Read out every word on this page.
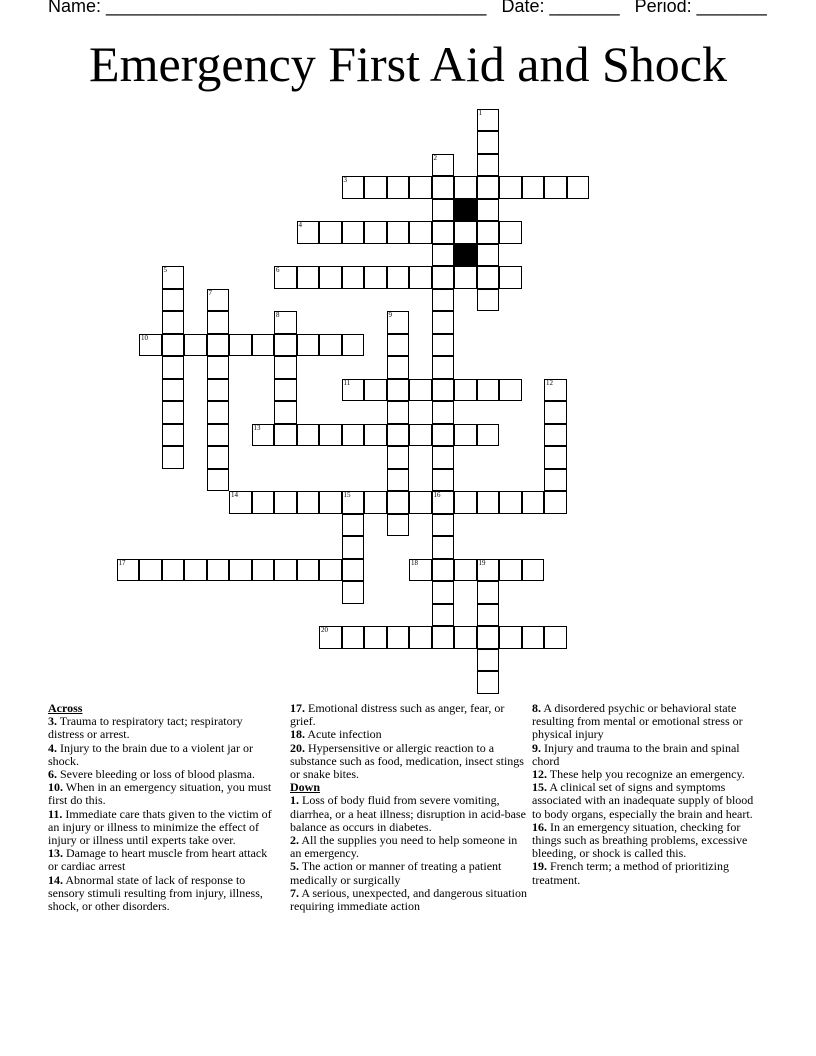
Name: ______________________________________ Date: _______ Period: _______
Emergency First Aid and Shock
1
2
16
3
4
5	6
7
8	9
10
11	12
13
14	15
17	18	19
20
Across
3. Trauma to respiratory tact; respiratory distress or arrest.
4. Injury to the brain due to a violent jar or shock.
6. Severe bleeding or loss of blood plasma.
10. When in an emergency situation, you must first do this.
11. Immediate care thats given to the victim of an injury or illness to minimize the effect of injury or illness until experts take over.
13. Damage to heart muscle from heart attack or cardiac arrest
14. Abnormal state of lack of response to sensory stimuli resulting from injury, illness, shock, or other disorders.
17. Emotional distress such as anger, fear, or grief.
18. Acute infection
20. Hypersensitive or allergic reaction to a substance such as food, medication, insect stings or snake bites.
Down
1. Loss of body fluid from severe vomiting, diarrhea, or a heat illness; disruption in acid-base balance as occurs in diabetes.
2. All the supplies you need to help someone in an emergency.
5. The action or manner of treating a patient medically or surgically
7. A serious, unexpected, and dangerous situation requiring immediate action
8. A disordered psychic or behavioral state resulting from mental or emotional stress or physical injury
9. Injury and trauma to the brain and spinal chord
12. These help you recognize an emergency.
15. A clinical set of signs and symptoms associated with an inadequate supply of blood to body organs, especially the brain and heart.
16. In an emergency situation, checking for things such as breathing problems, excessive bleeding, or shock is called this.
19. French term; a method of prioritizing treatment.
